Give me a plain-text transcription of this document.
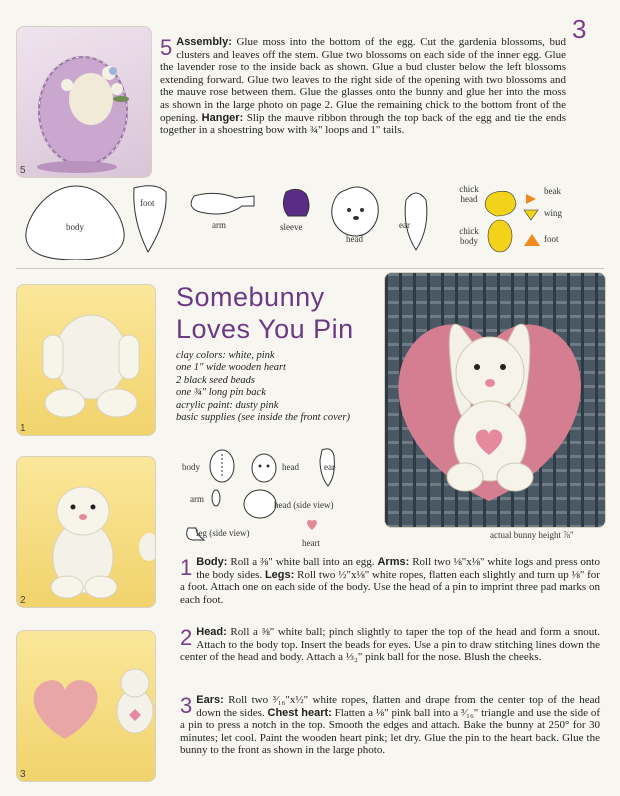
3
5
5 Assembly: Glue moss into the bottom of the egg. Cut the gardenia blossoms, bud clusters and leaves off the stem. Glue two blossoms on each side of the inner egg. Glue the lavender rose to the inside back as shown. Glue a bud cluster below the left blossoms extending forward. Glue two leaves to the right side of the opening with two blossoms and the mauve rose between them. Glue the glasses onto the bunny and glue her into the moss as shown in the large photo on page 2. Glue the remaining chick to the bottom front of the opening. Hanger: Slip the mauve ribbon through the top back of the egg and tie the ends together in a shoestring bow with ¾" loops and 1" tails.
body
foot
arm	sleeve
head
ear
chick head
chick body
beak
wing
foot
1
2
3
Somebunny
Loves You Pin
clay colors: white, pink
one 1" wide wooden heart
2 black seed beads
one ¾" long pin back
acrylic paint: dusty pink
basic supplies (see inside the front cover)
body	head	ear
arm
head (side view)
leg (side view)
heart
actual bunny height ⅞"
1 Body: Roll a ⅜" white ball into an egg. Arms: Roll two ⅛"x⅛" white logs and press onto the body sides. Legs: Roll two ½"x⅛" white ropes, flatten each slightly and turn up ⅛" for a foot. Attach one on each side of the body. Use the head of a pin to imprint three pad marks on each foot.
2 Head: Roll a ⅜" white ball; pinch slightly to taper the top of the head and form a snout. Attach to the body top. Insert the beads for eyes. Use a pin to draw stitching lines down the center of the head and body. Attach a ⅓₂" pink ball for the nose. Blush the cheeks.
3 Ears: Roll two ³⁄₁₆"x½" white ropes, flatten and drape from the center top of the head down the sides. Chest heart: Flatten a ⅛" pink ball into a ³⁄₁₆" triangle and use the side of a pin to press a notch in the top. Smooth the edges and attach. Bake the bunny at 250° for 30 minutes; let cool. Paint the wooden heart pink; let dry. Glue the pin to the heart back. Glue the bunny to the front as shown in the large photo.
